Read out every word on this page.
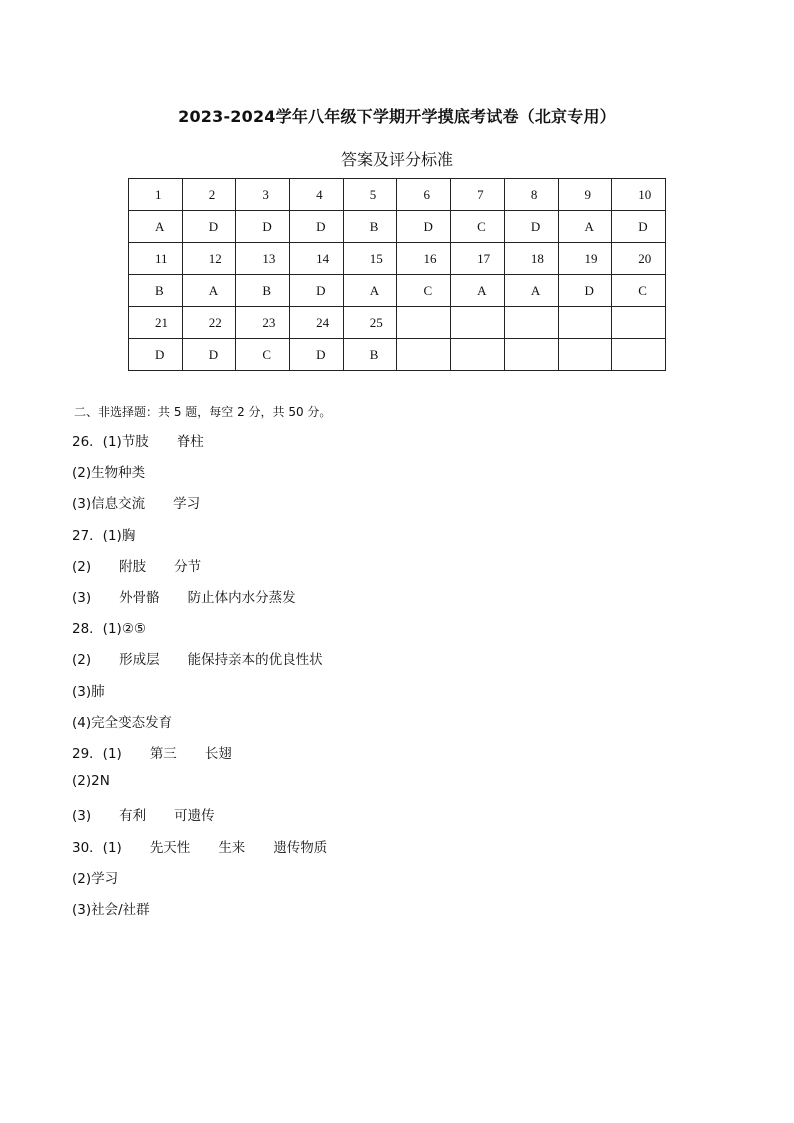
2023-2024学年八年级下学期开学摸底考试卷（北京专用）
答案及评分标准
1	2	3	4	5	6	7	8	9	10
A	D	D	D	B	D	C	D	A	D
11	12	13	14	15	16	17	18	19	20
B	A	B	D	A	C	A	A	D	C
21	22	23	24	25					
D	D	C	D	B					
二、非选择题：共 5 题，每空 2 分，共 50 分。
26．(1)节肢 脊柱
(2)生物种类
(3)信息交流 学习
27．(1)胸
(2) 附肢 分节
(3) 外骨骼 防止体内水分蒸发
28．(1)②⑤
(2) 形成层 能保持亲本的优良性状
(3)肺
(4)完全变态发育
29．(1) 第三 长翅
(2)2N
(3) 有利 可遗传
30．(1) 先天性 生来 遗传物质
(2)学习
(3)社会/社群
